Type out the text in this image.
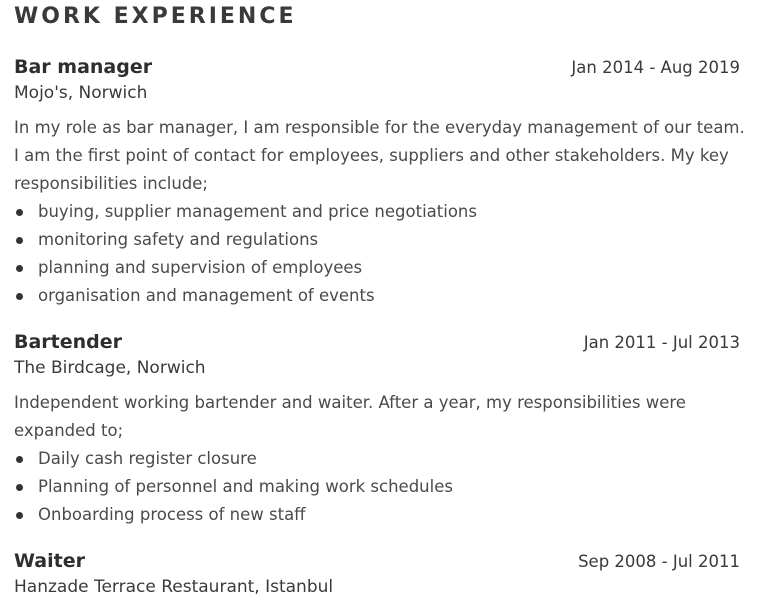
WORK EXPERIENCE
Bar manager	Jan 2014 - Aug 2019
Mojo's, Norwich
In my role as bar manager, I am responsible for the everyday management of our team. I am the first point of contact for employees, suppliers and other stakeholders. My key responsibilities include;
buying, supplier management and price negotiations
monitoring safety and regulations
planning and supervision of employees
organisation and management of events
Bartender	Jan 2011 - Jul 2013
The Birdcage, Norwich
Independent working bartender and waiter. After a year, my responsibilities were expanded to;
Daily cash register closure
Planning of personnel and making work schedules
Onboarding process of new staff
Waiter	Sep 2008 - Jul 2011
Hanzade Terrace Restaurant, Istanbul
